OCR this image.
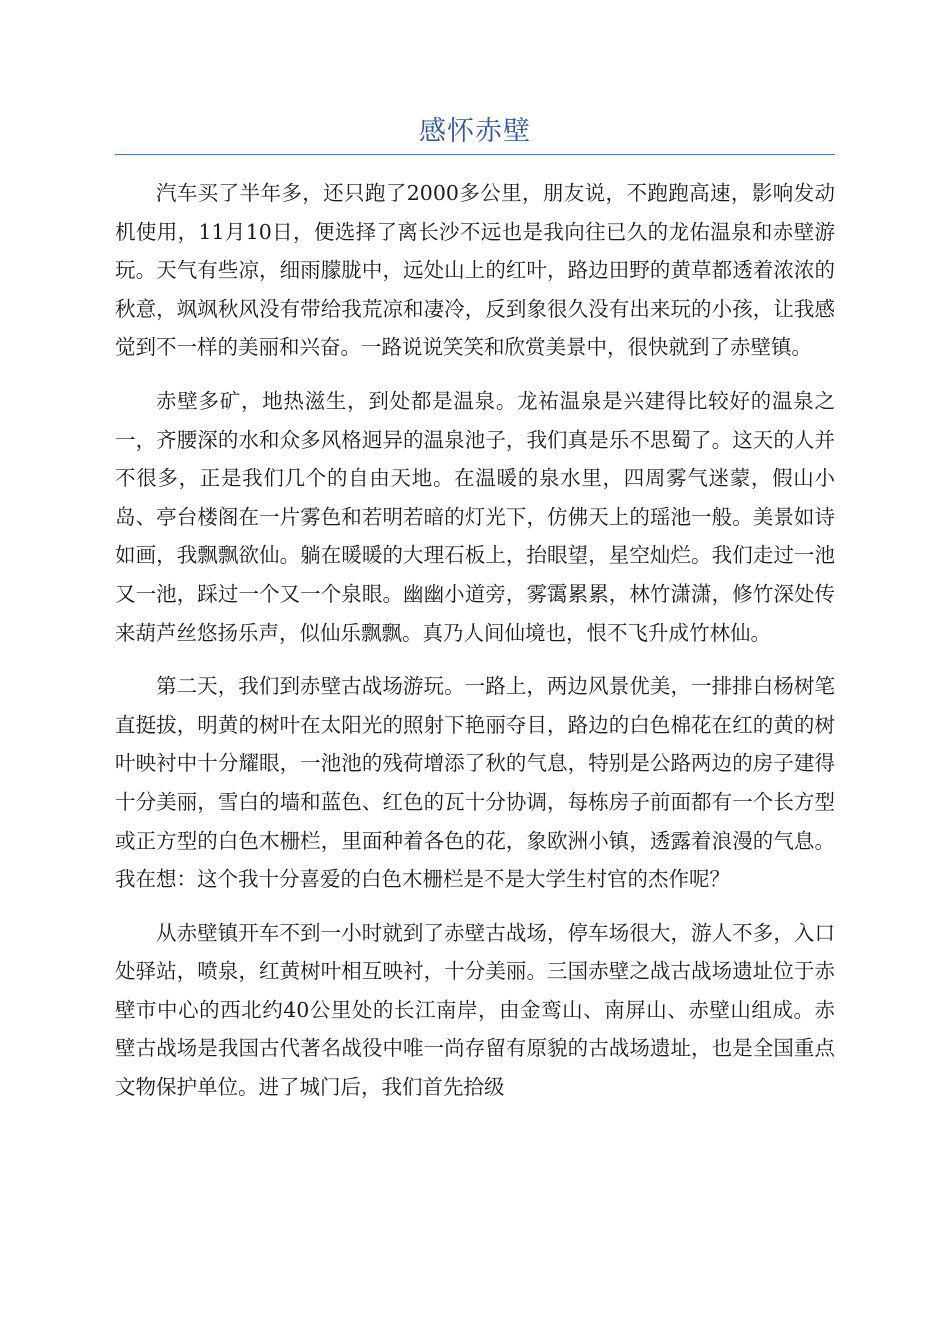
感怀赤壁

汽车买了半年多，还只跑了2000多公里，朋友说，不跑跑高速，影响发动机使用，11月10日，便选择了离长沙不远也是我向往已久的龙佑温泉和赤壁游玩。天气有些凉，细雨朦胧中，远处山上的红叶，路边田野的黄草都透着浓浓的秋意，飒飒秋风没有带给我荒凉和凄冷，反到象很久没有出来玩的小孩，让我感觉到不一样的美丽和兴奋。一路说说笑笑和欣赏美景中，很快就到了赤壁镇。

赤壁多矿，地热滋生，到处都是温泉。龙祐温泉是兴建得比较好的温泉之一，齐腰深的水和众多风格迥异的温泉池子，我们真是乐不思蜀了。这天的人并不很多，正是我们几个的自由天地。在温暖的泉水里，四周雾气迷蒙，假山小岛、亭台楼阁在一片雾色和若明若暗的灯光下，仿佛天上的瑶池一般。美景如诗如画，我飘飘欲仙。躺在暖暖的大理石板上，抬眼望，星空灿烂。我们走过一池又一池，踩过一个又一个泉眼。幽幽小道旁，雾霭累累，林竹潇潇，修竹深处传来葫芦丝悠扬乐声，似仙乐飘飘。真乃人间仙境也，恨不飞升成竹林仙。

第二天，我们到赤壁古战场游玩。一路上，两边风景优美，一排排白杨树笔直挺拔，明黄的树叶在太阳光的照射下艳丽夺目，路边的白色棉花在红的黄的树叶映衬中十分耀眼，一池池的残荷增添了秋的气息，特别是公路两边的房子建得十分美丽，雪白的墙和蓝色、红色的瓦十分协调，每栋房子前面都有一个长方型或正方型的白色木栅栏，里面种着各色的花，象欧洲小镇，透露着浪漫的气息。我在想：这个我十分喜爱的白色木栅栏是不是大学生村官的杰作呢？

从赤壁镇开车不到一小时就到了赤壁古战场，停车场很大，游人不多，入口处驿站，喷泉，红黄树叶相互映衬，十分美丽。三国赤壁之战古战场遗址位于赤壁市中心的西北约40公里处的长江南岸，由金鸾山、南屏山、赤壁山组成。赤壁古战场是我国古代著名战役中唯一尚存留有原貌的古战场遗址，也是全国重点文物保护单位。进了城门后，我们首先拾级
